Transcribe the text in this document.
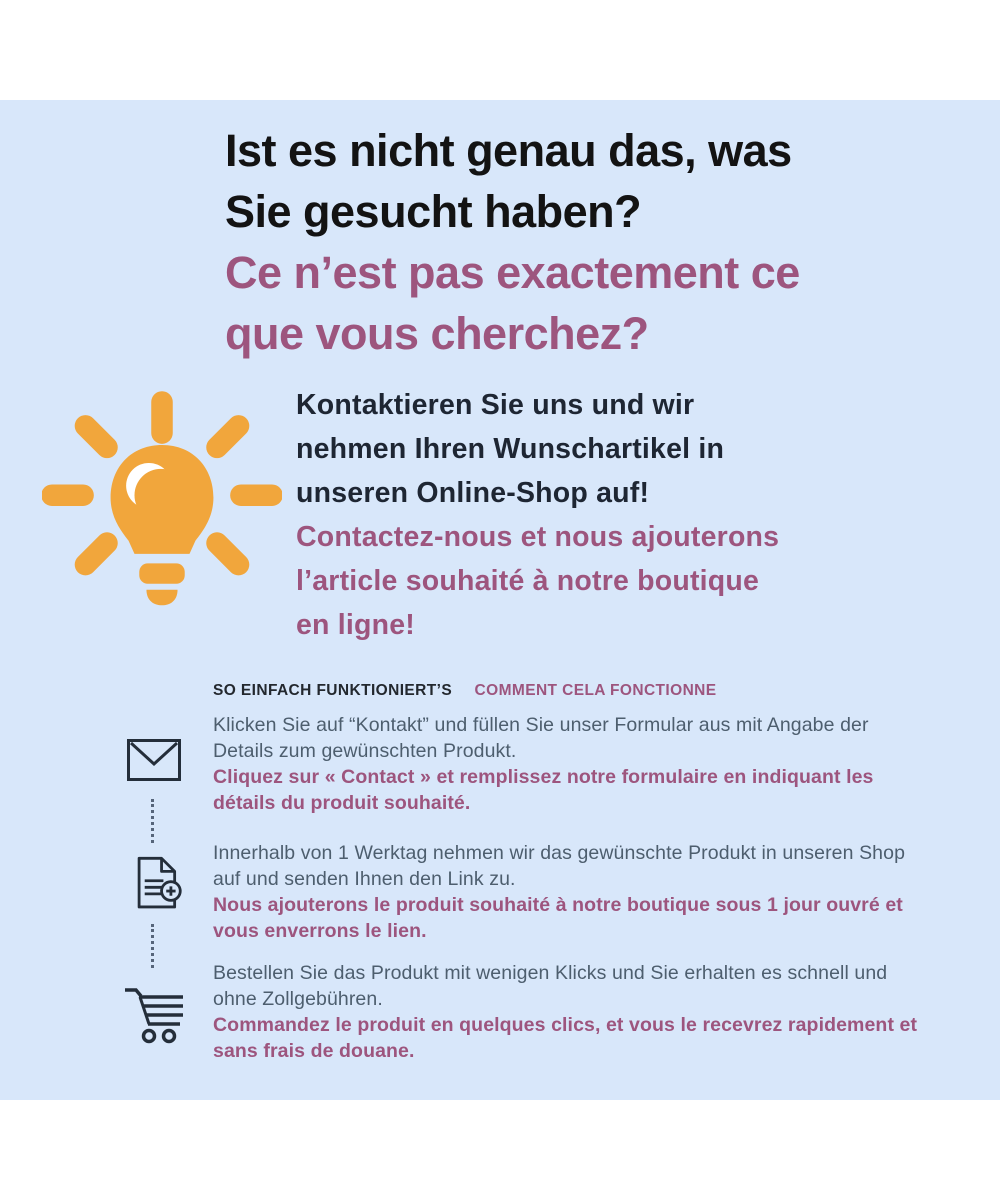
Ist es nicht genau das, was
Sie gesucht haben?
Ce n’est pas exactement ce
que vous cherchez?
Kontaktieren Sie uns und wir
nehmen Ihren Wunschartikel in
unseren Online-Shop auf!
Contactez-nous et nous ajouterons
l’article souhaité à notre boutique
en ligne!
SO EINFACH FUNKTIONIERT’S COMMENT CELA FONCTIONNE

Klicken Sie auf “Kontakt” und füllen Sie unser Formular aus mit Angabe der Details zum gewünschten Produkt.

Cliquez sur « Contact » et remplissez notre formulaire en indiquant les détails du produit souhaité.

Innerhalb von 1 Werktag nehmen wir das gewünschte Produkt in unseren Shop auf und senden Ihnen den Link zu.

Nous ajouterons le produit souhaité à notre boutique sous 1 jour ouvré et vous enverrons le lien.

Bestellen Sie das Produkt mit wenigen Klicks und Sie erhalten es schnell und ohne Zollgebühren.

Commandez le produit en quelques clics, et vous le recevrez rapidement et sans frais de douane.
